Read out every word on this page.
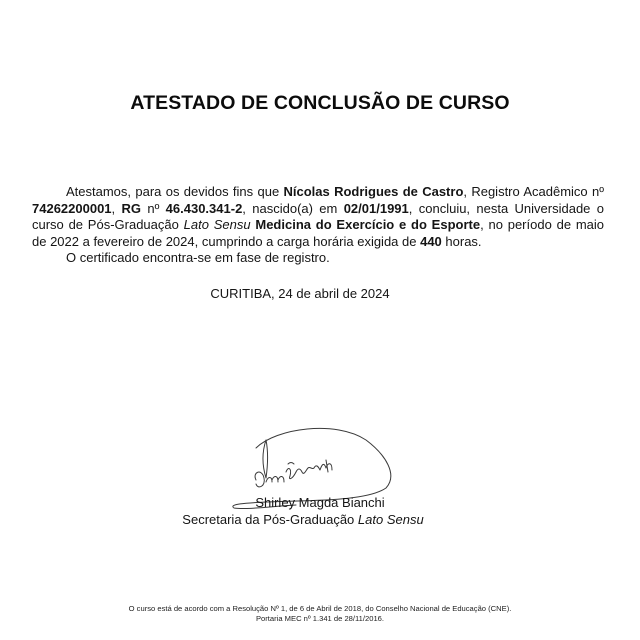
ATESTADO DE CONCLUSÃO DE CURSO

Atestamos, para os devidos fins que Nícolas Rodrigues de Castro, Registro Acadêmico nº 74262200001, RG nº 46.430.341-2, nascido(a) em 02/01/1991, concluiu, nesta Universidade o curso de Pós-Graduação Lato Sensu Medicina do Exercício e do Esporte, no período de maio de 2022 a fevereiro de 2024, cumprindo a carga horária exigida de 440 horas.

O certificado encontra-se em fase de registro.

CURITIBA, 24 de abril de 2024
Shirley Magda Bianchi
Secretaria da Pós-Graduação Lato Sensu
O curso está de acordo com a Resolução Nº 1, de 6 de Abril de 2018, do Conselho Nacional de Educação (CNE).
Portaria MEC nº 1.341 de 28/11/2016.
